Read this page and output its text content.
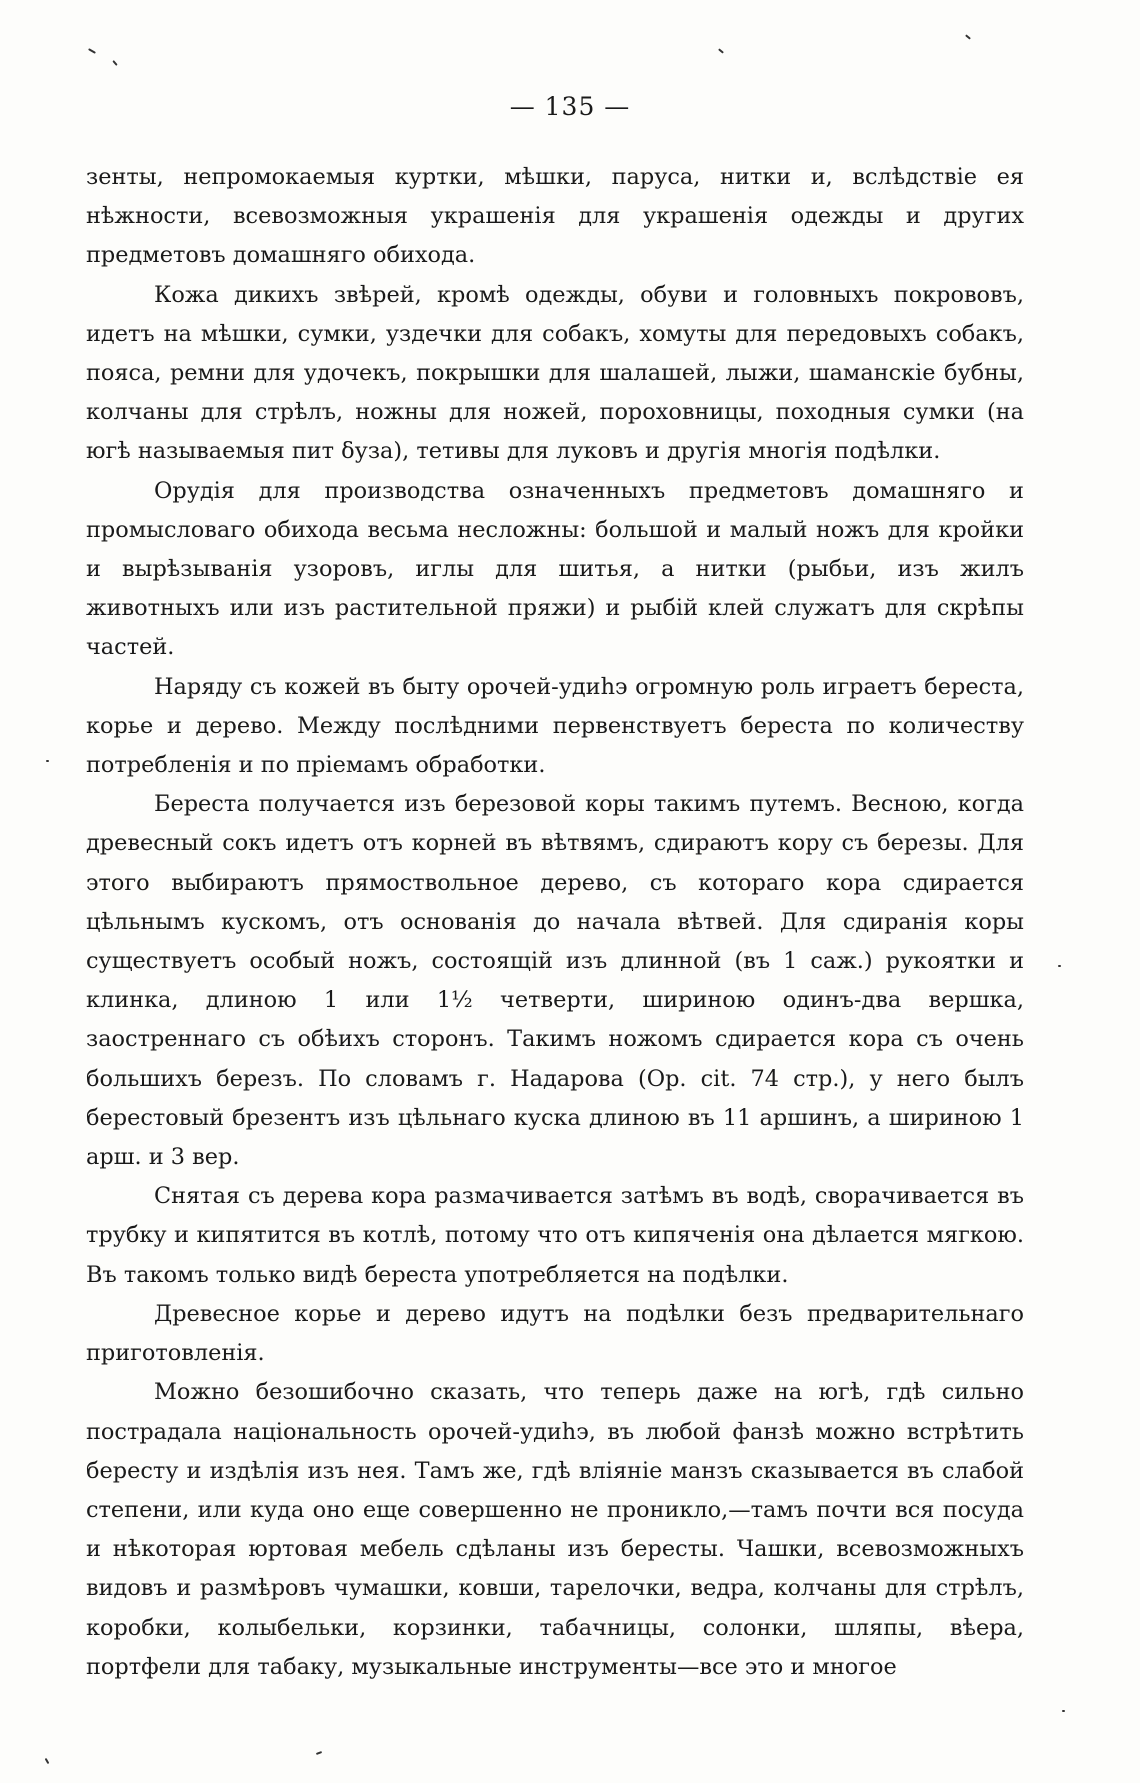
— 135 —

зенты, непромокаемыя куртки, мѣшки, паруса, нитки и, вслѣдствіе ея нѣжности, всевозможныя украшенія для украшенія одежды и других предметовъ домашняго обихода.

Кожа дикихъ звѣрей, кромѣ одежды, обуви и головныхъ покрововъ, идетъ на мѣшки, сумки, уздечки для собакъ, хомуты для передовыхъ собакъ, пояса, ремни для удочекъ, покрышки для шалашей, лыжи, шаманскіе бубны, колчаны для стрѣлъ, ножны для ножей, пороховницы, походныя сумки (на югѣ называемыя пит δуза), тетивы для луковъ и другія многія подѣлки.

Орудія для производства означенныхъ предметовъ домашняго и промысловаго обихода весьма несложны: большой и малый ножъ для кройки и вырѣзыванія узоровъ, иглы для шитья, а нитки (рыбьи, изъ жилъ животныхъ или изъ растительной пряжи) и рыбій клей служатъ для скрѣпы частей.

Наряду съ кожей въ быту орочей-удиһэ огромную роль играетъ береста, корье и дерево. Между послѣдними первенствуетъ береста по количеству потребленія и по пріемамъ обработки.

Береста получается изъ березовой коры такимъ путемъ. Весною, когда древесный сокъ идетъ отъ корней въ вѣтвямъ, сдираютъ кору съ березы. Для этого выбираютъ прямоствольное дерево, съ котораго кора сдирается цѣльнымъ кускомъ, отъ основанія до начала вѣтвей. Для сдиранія коры существуетъ особый ножъ, состоящій изъ длинной (въ 1 саж.) рукоятки и клинка, длиною 1 или 1½ четверти, шириною одинъ-два вершка, заостреннаго съ обѣихъ сторонъ. Такимъ ножомъ сдирается кора съ очень большихъ березъ. По словамъ г. Надарова (Op. cit. 74 стр.), у него былъ берестовый брезентъ изъ цѣльнаго куска длиною въ 11 аршинъ, а шириною 1 арш. и 3 вер.

Снятая съ дерева кора размачивается затѣмъ въ водѣ, сворачивается въ трубку и кипятится въ котлѣ, потому что отъ кипяченія она дѣлается мягкою. Въ такомъ только видѣ береста употребляется на подѣлки.

Древесное корье и дерево идутъ на подѣлки безъ предварительнаго приготовленія.

Можно безошибочно сказать, что теперь даже на югѣ, гдѣ сильно пострадала національность орочей-удиһэ, въ любой фанзѣ можно встрѣтить бересту и издѣлія изъ нея. Тамъ же, гдѣ вліяніе манзъ сказывается въ слабой степени, или куда оно еще совершенно не проникло,—тамъ почти вся посуда и нѣкоторая юртовая мебель сдѣланы изъ бересты. Чашки, всевозможныхъ видовъ и размѣровъ чумашки, ковши, тарелочки, ведра, колчаны для стрѣлъ, коробки, колыбельки, корзинки, табачницы, солонки, шляпы, вѣера, портфели для табаку, музыкальные инструменты—все это и многое
